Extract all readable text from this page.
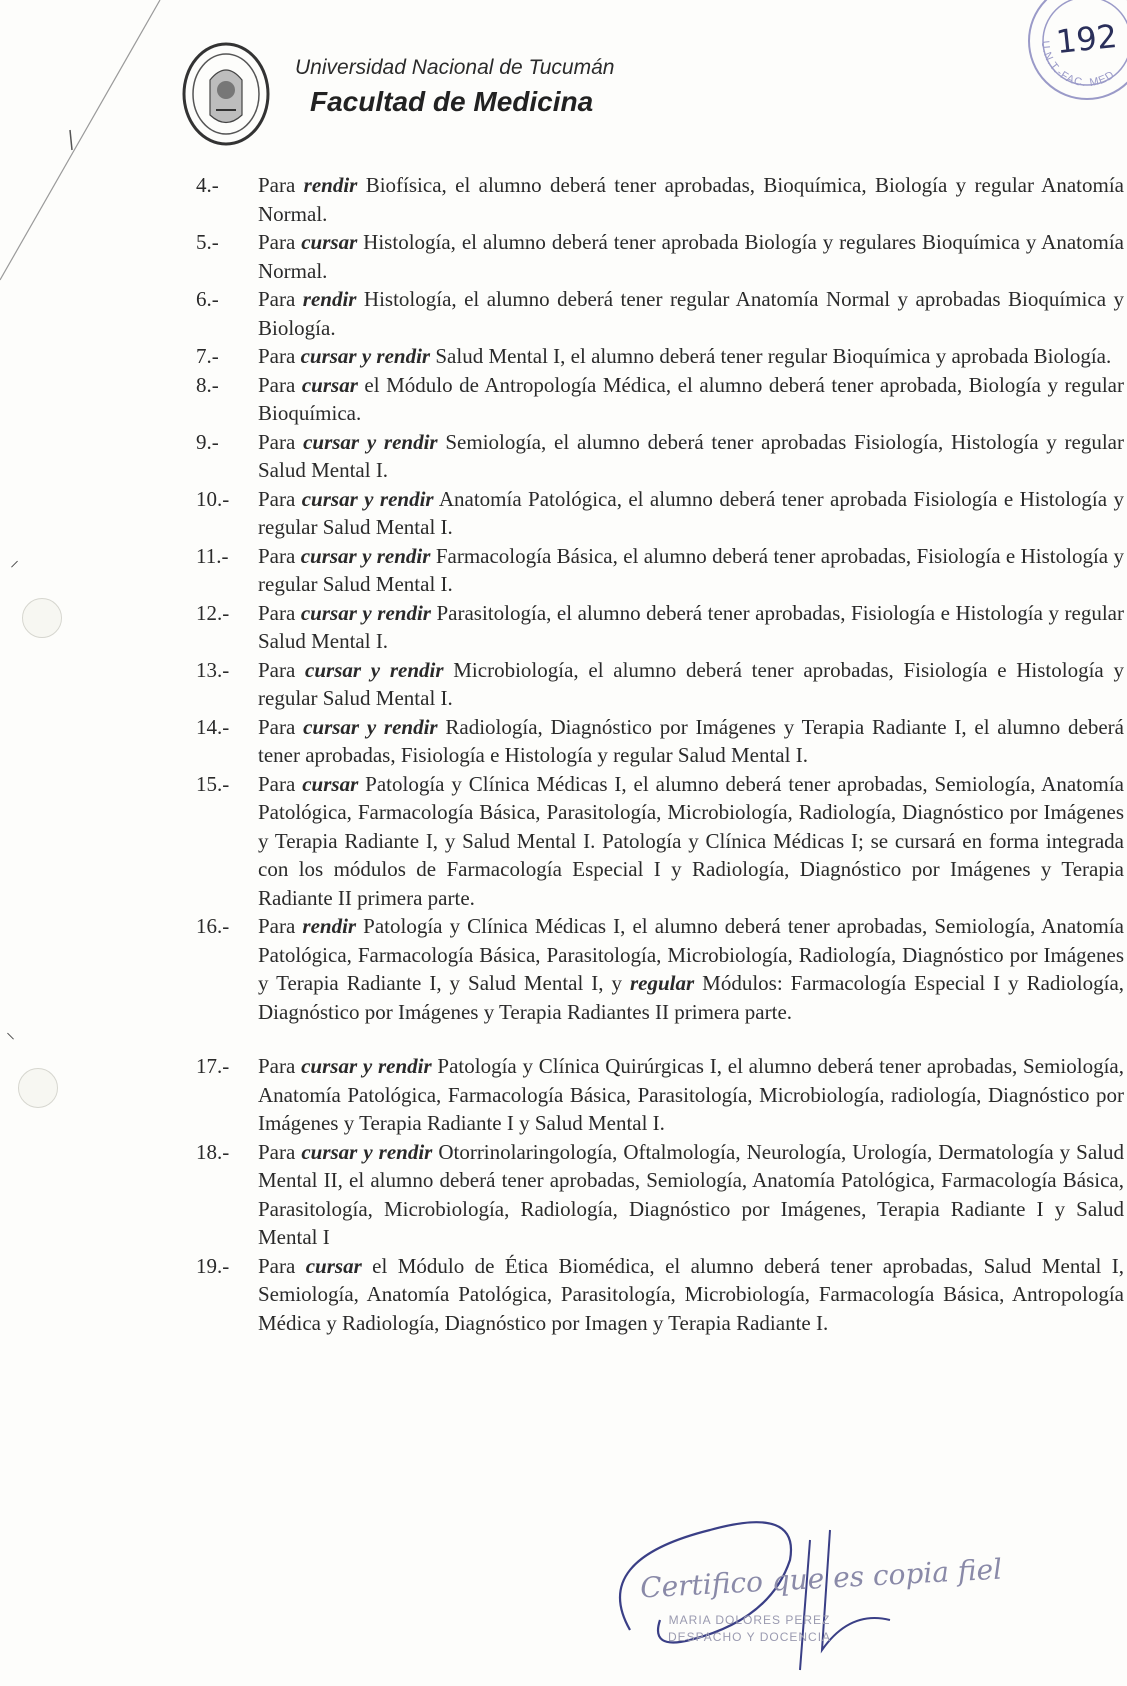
⸝
⸜
Universidad Nacional de Tucumán
Facultad de Medicina
U.N.T.-FAC. MED
192
4.-	Para rendir Biofísica, el alumno deberá tener aprobadas, Bioquímica, Biología y regular Anatomía Normal.
5.-	Para cursar Histología, el alumno deberá tener aprobada Biología y regulares Bioquímica y Anatomía Normal.
6.-	Para rendir Histología, el alumno deberá tener regular Anatomía Normal y aprobadas Bioquímica y Biología.
7.-	Para cursar y rendir Salud Mental I, el alumno deberá tener regular Bioquímica y aprobada Biología.
8.-	Para cursar el Módulo de Antropología Médica, el alumno deberá tener aprobada, Biología y regular Bioquímica.
9.-	Para cursar y rendir Semiología, el alumno deberá tener aprobadas Fisiología, Histología y regular Salud Mental I.
10.-	Para cursar y rendir Anatomía Patológica, el alumno deberá tener aprobada Fisiología e Histología y regular Salud Mental I.
11.-	Para cursar y rendir Farmacología Básica, el alumno deberá tener aprobadas, Fisiología e Histología y regular Salud Mental I.
12.-	Para cursar y rendir Parasitología, el alumno deberá tener aprobadas, Fisiología e Histología y regular Salud Mental I.
13.-	Para cursar y rendir Microbiología, el alumno deberá tener aprobadas, Fisiología e Histología y regular Salud Mental I.
14.-	Para cursar y rendir Radiología, Diagnóstico por Imágenes y Terapia Radiante I, el alumno deberá tener aprobadas, Fisiología e Histología y regular Salud Mental I.
15.-	Para cursar Patología y Clínica Médicas I, el alumno deberá tener aprobadas, Semiología, Anatomía Patológica, Farmacología Básica, Parasitología, Microbiología, Radiología, Diagnóstico por Imágenes y Terapia Radiante I, y Salud Mental I. Patología y Clínica Médicas I; se cursará en forma integrada con los módulos de Farmacología Especial I y Radiología, Diagnóstico por Imágenes y Terapia Radiante II primera parte.
16.-	Para rendir Patología y Clínica Médicas I, el alumno deberá tener aprobadas, Semiología, Anatomía Patológica, Farmacología Básica, Parasitología, Microbiología, Radiología, Diagnóstico por Imágenes y Terapia Radiante I, y Salud Mental I, y regular Módulos: Farmacología Especial I y Radiología, Diagnóstico por Imágenes y Terapia Radiantes II primera parte.
17.-	Para cursar y rendir Patología y Clínica Quirúrgicas I, el alumno deberá tener aprobadas, Semiología, Anatomía Patológica, Farmacología Básica, Parasitología, Microbiología, radiología, Diagnóstico por Imágenes y Terapia Radiante I y Salud Mental I.
18.-	Para cursar y rendir Otorrinolaringología, Oftalmología, Neurología, Urología, Dermatología y Salud Mental II, el alumno deberá tener aprobadas, Semiología, Anatomía Patológica, Farmacología Básica, Parasitología, Microbiología, Radiología, Diagnóstico por Imágenes, Terapia Radiante I y Salud Mental I
19.-	Para cursar el Módulo de Ética Biomédica, el alumno deberá tener aprobadas, Salud Mental I, Semiología, Anatomía Patológica, Parasitología, Microbiología, Farmacología Básica, Antropología Médica y Radiología, Diagnóstico por Imagen y Terapia Radiante I.

Certifico que es copia fiel
MARIA DOLORES PEREZ
DESPACHO Y DOCENCIA
